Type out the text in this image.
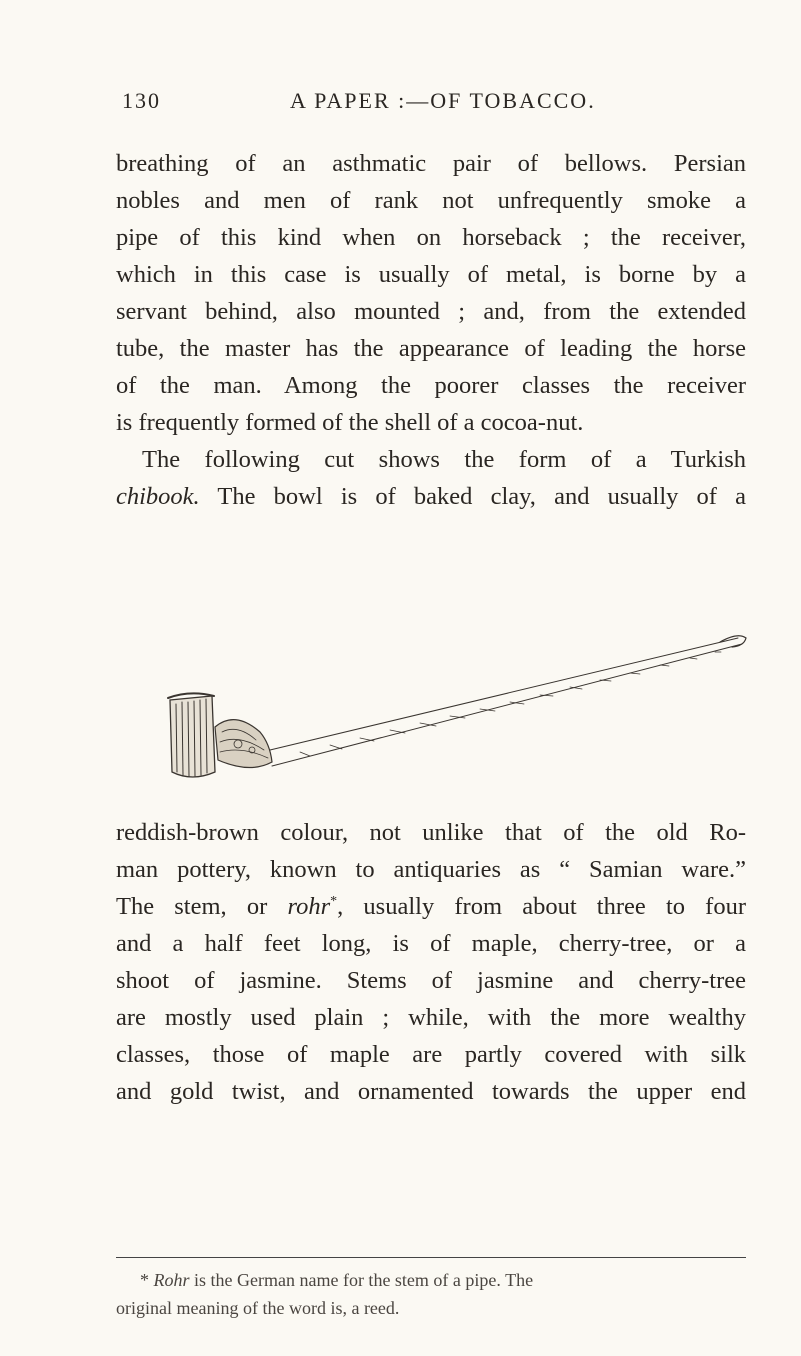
130	A PAPER :—OF TOBACCO.
breathing of an asthmatic pair of bellows. Persian
nobles and men of rank not unfrequently smoke a
pipe of this kind when on horseback ; the receiver,
which in this case is usually of metal, is borne by a
servant behind, also mounted ; and, from the extended
tube, the master has the appearance of leading the horse
of the man. Among the poorer classes the receiver
is frequently formed of the shell of a cocoa-nut.
The following cut shows the form of a Turkish
chibook. The bowl is of baked clay, and usually of a
reddish-brown colour, not unlike that of the old Ro-
man pottery, known to antiquaries as “ Samian ware.”
The stem, or rohr*, usually from about three to four
and a half feet long, is of maple, cherry-tree, or a
shoot of jasmine. Stems of jasmine and cherry-tree
are mostly used plain ; while, with the more wealthy
classes, those of maple are partly covered with silk
and gold twist, and ornamented towards the upper end
* Rohr is the German name for the stem of a pipe. The
original meaning of the word is, a reed.
